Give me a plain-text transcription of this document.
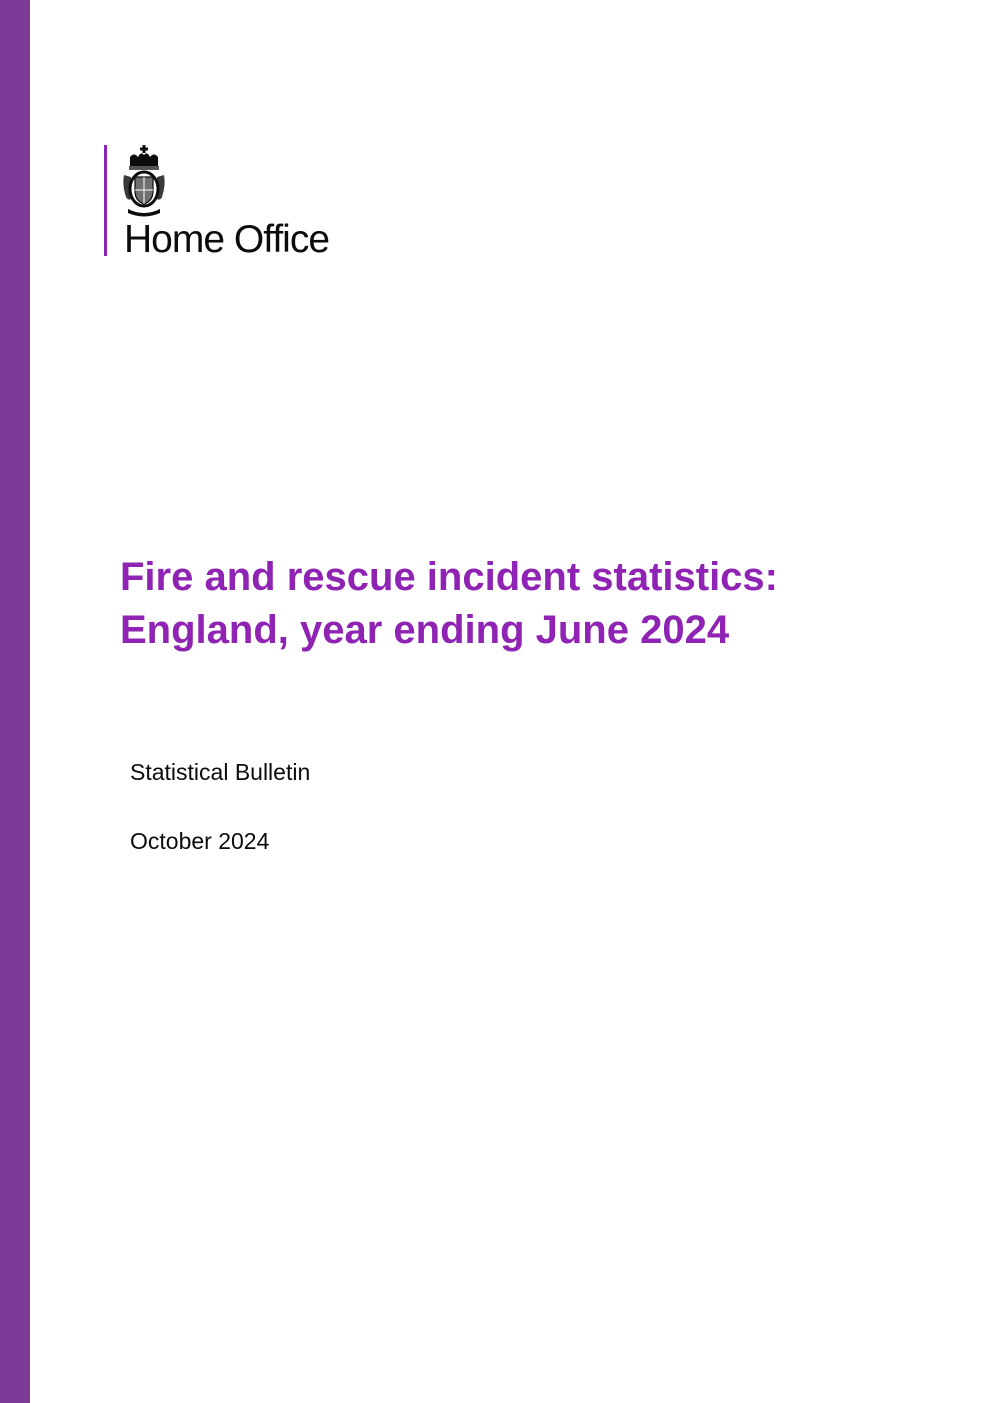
Home Office
Fire and rescue incident statistics:
England, year ending June 2024
Statistical Bulletin
October 2024
